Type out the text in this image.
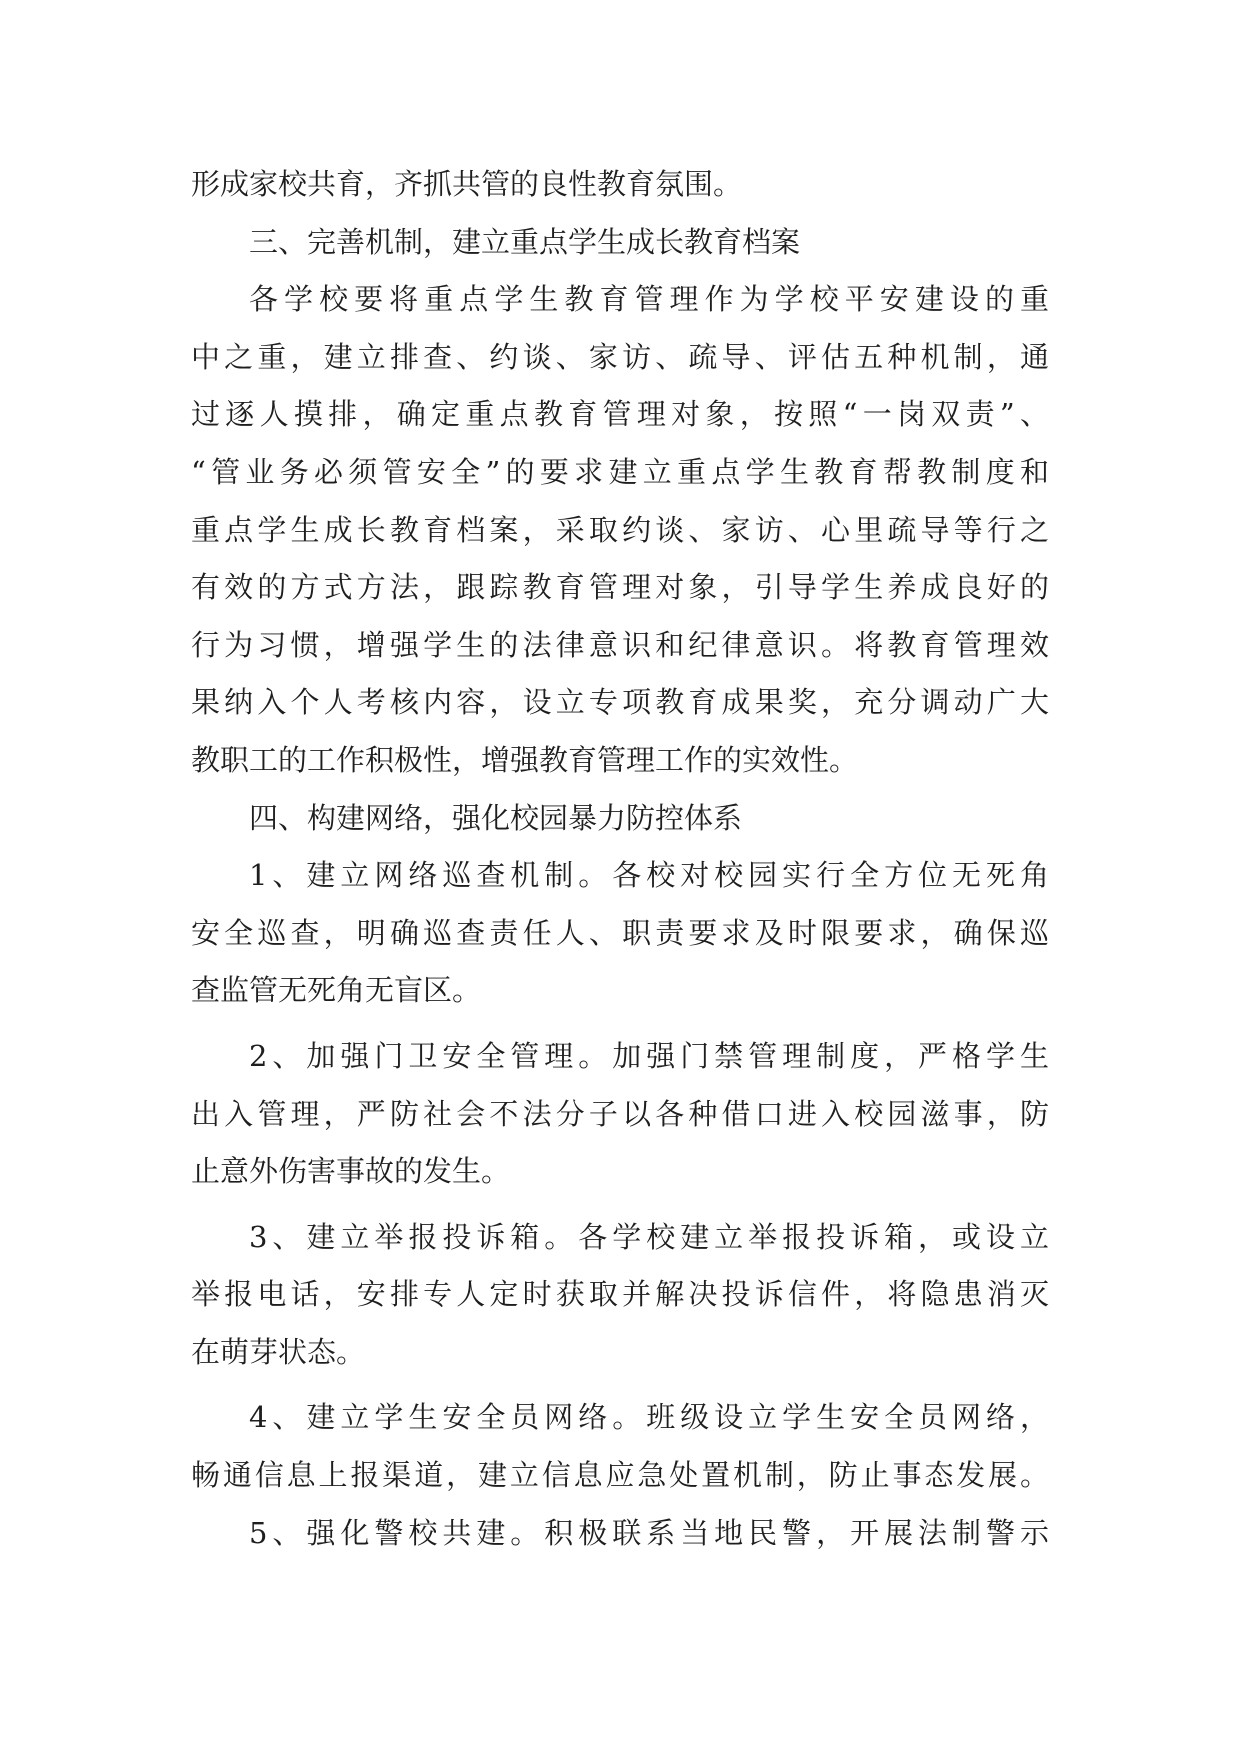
形成家校共育，齐抓共管的良性教育氛围。
三、完善机制，建立重点学生成长教育档案
各学校要将重点学生教育管理作为学校平安建设的重
中之重，建立排查、约谈、家访、疏导、评估五种机制，通
过逐人摸排，确定重点教育管理对象，按照“一岗双责”、
“管业务必须管安全”的要求建立重点学生教育帮教制度和
重点学生成长教育档案，采取约谈、家访、心里疏导等行之
有效的方式方法，跟踪教育管理对象，引导学生养成良好的
行为习惯，增强学生的法律意识和纪律意识。将教育管理效
果纳入个人考核内容，设立专项教育成果奖，充分调动广大
教职工的工作积极性，增强教育管理工作的实效性。
四、构建网络，强化校园暴力防控体系
1、建立网络巡查机制。各校对校园实行全方位无死角
安全巡查，明确巡查责任人、职责要求及时限要求，确保巡
查监管无死角无盲区。
2、加强门卫安全管理。加强门禁管理制度，严格学生
出入管理，严防社会不法分子以各种借口进入校园滋事，防
止意外伤害事故的发生。
3、建立举报投诉箱。各学校建立举报投诉箱，或设立
举报电话，安排专人定时获取并解决投诉信件，将隐患消灭
在萌芽状态。
4、建立学生安全员网络。班级设立学生安全员网络，
畅通信息上报渠道，建立信息应急处置机制，防止事态发展。
5、强化警校共建。积极联系当地民警，开展法制警示
